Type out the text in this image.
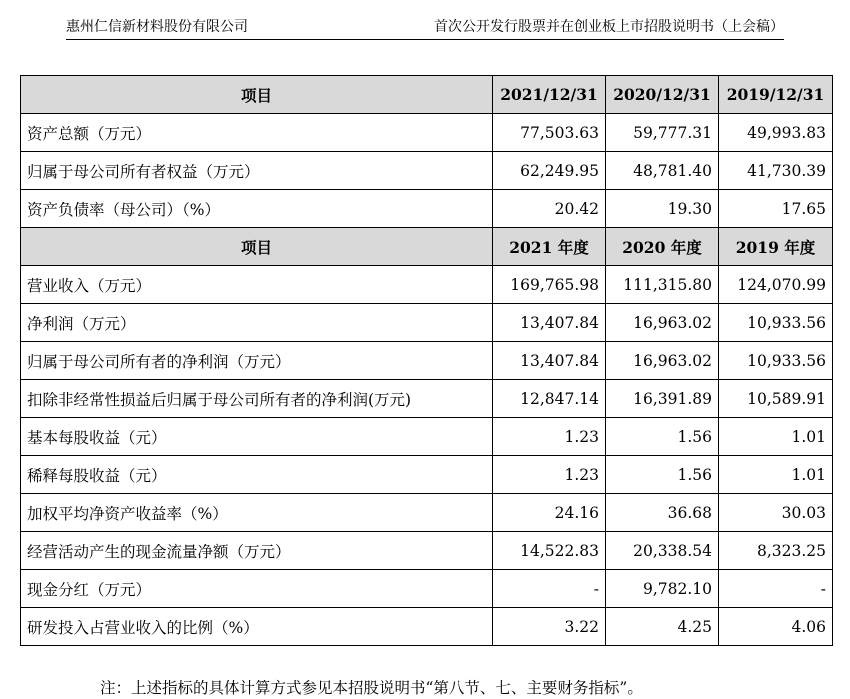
惠州仁信新材料股份有限公司	首次公开发行股票并在创业板上市招股说明书（上会稿）
项目	2021/12/31	2020/12/31	2019/12/31
资产总额（万元）	77,503.63	59,777.31	49,993.83
归属于母公司所有者权益（万元）	62,249.95	48,781.40	41,730.39
资产负债率（母公司）（%）	20.42	19.30	17.65
项目	2021 年度	2020 年度	2019 年度
营业收入（万元）	169,765.98	111,315.80	124,070.99
净利润（万元）	13,407.84	16,963.02	10,933.56
归属于母公司所有者的净利润（万元）	13,407.84	16,963.02	10,933.56
扣除非经常性损益后归属于母公司所有者的净利润(万元)	12,847.14	16,391.89	10,589.91
基本每股收益（元）	1.23	1.56	1.01
稀释每股收益（元）	1.23	1.56	1.01
加权平均净资产收益率（%）	24.16	36.68	30.03
经营活动产生的现金流量净额（万元）	14,522.83	20,338.54	8,323.25
现金分红（万元）	-	9,782.10	-
研发投入占营业收入的比例（%）	3.22	4.25	4.06
注：上述指标的具体计算方式参见本招股说明书“第八节、七、主要财务指标”。
